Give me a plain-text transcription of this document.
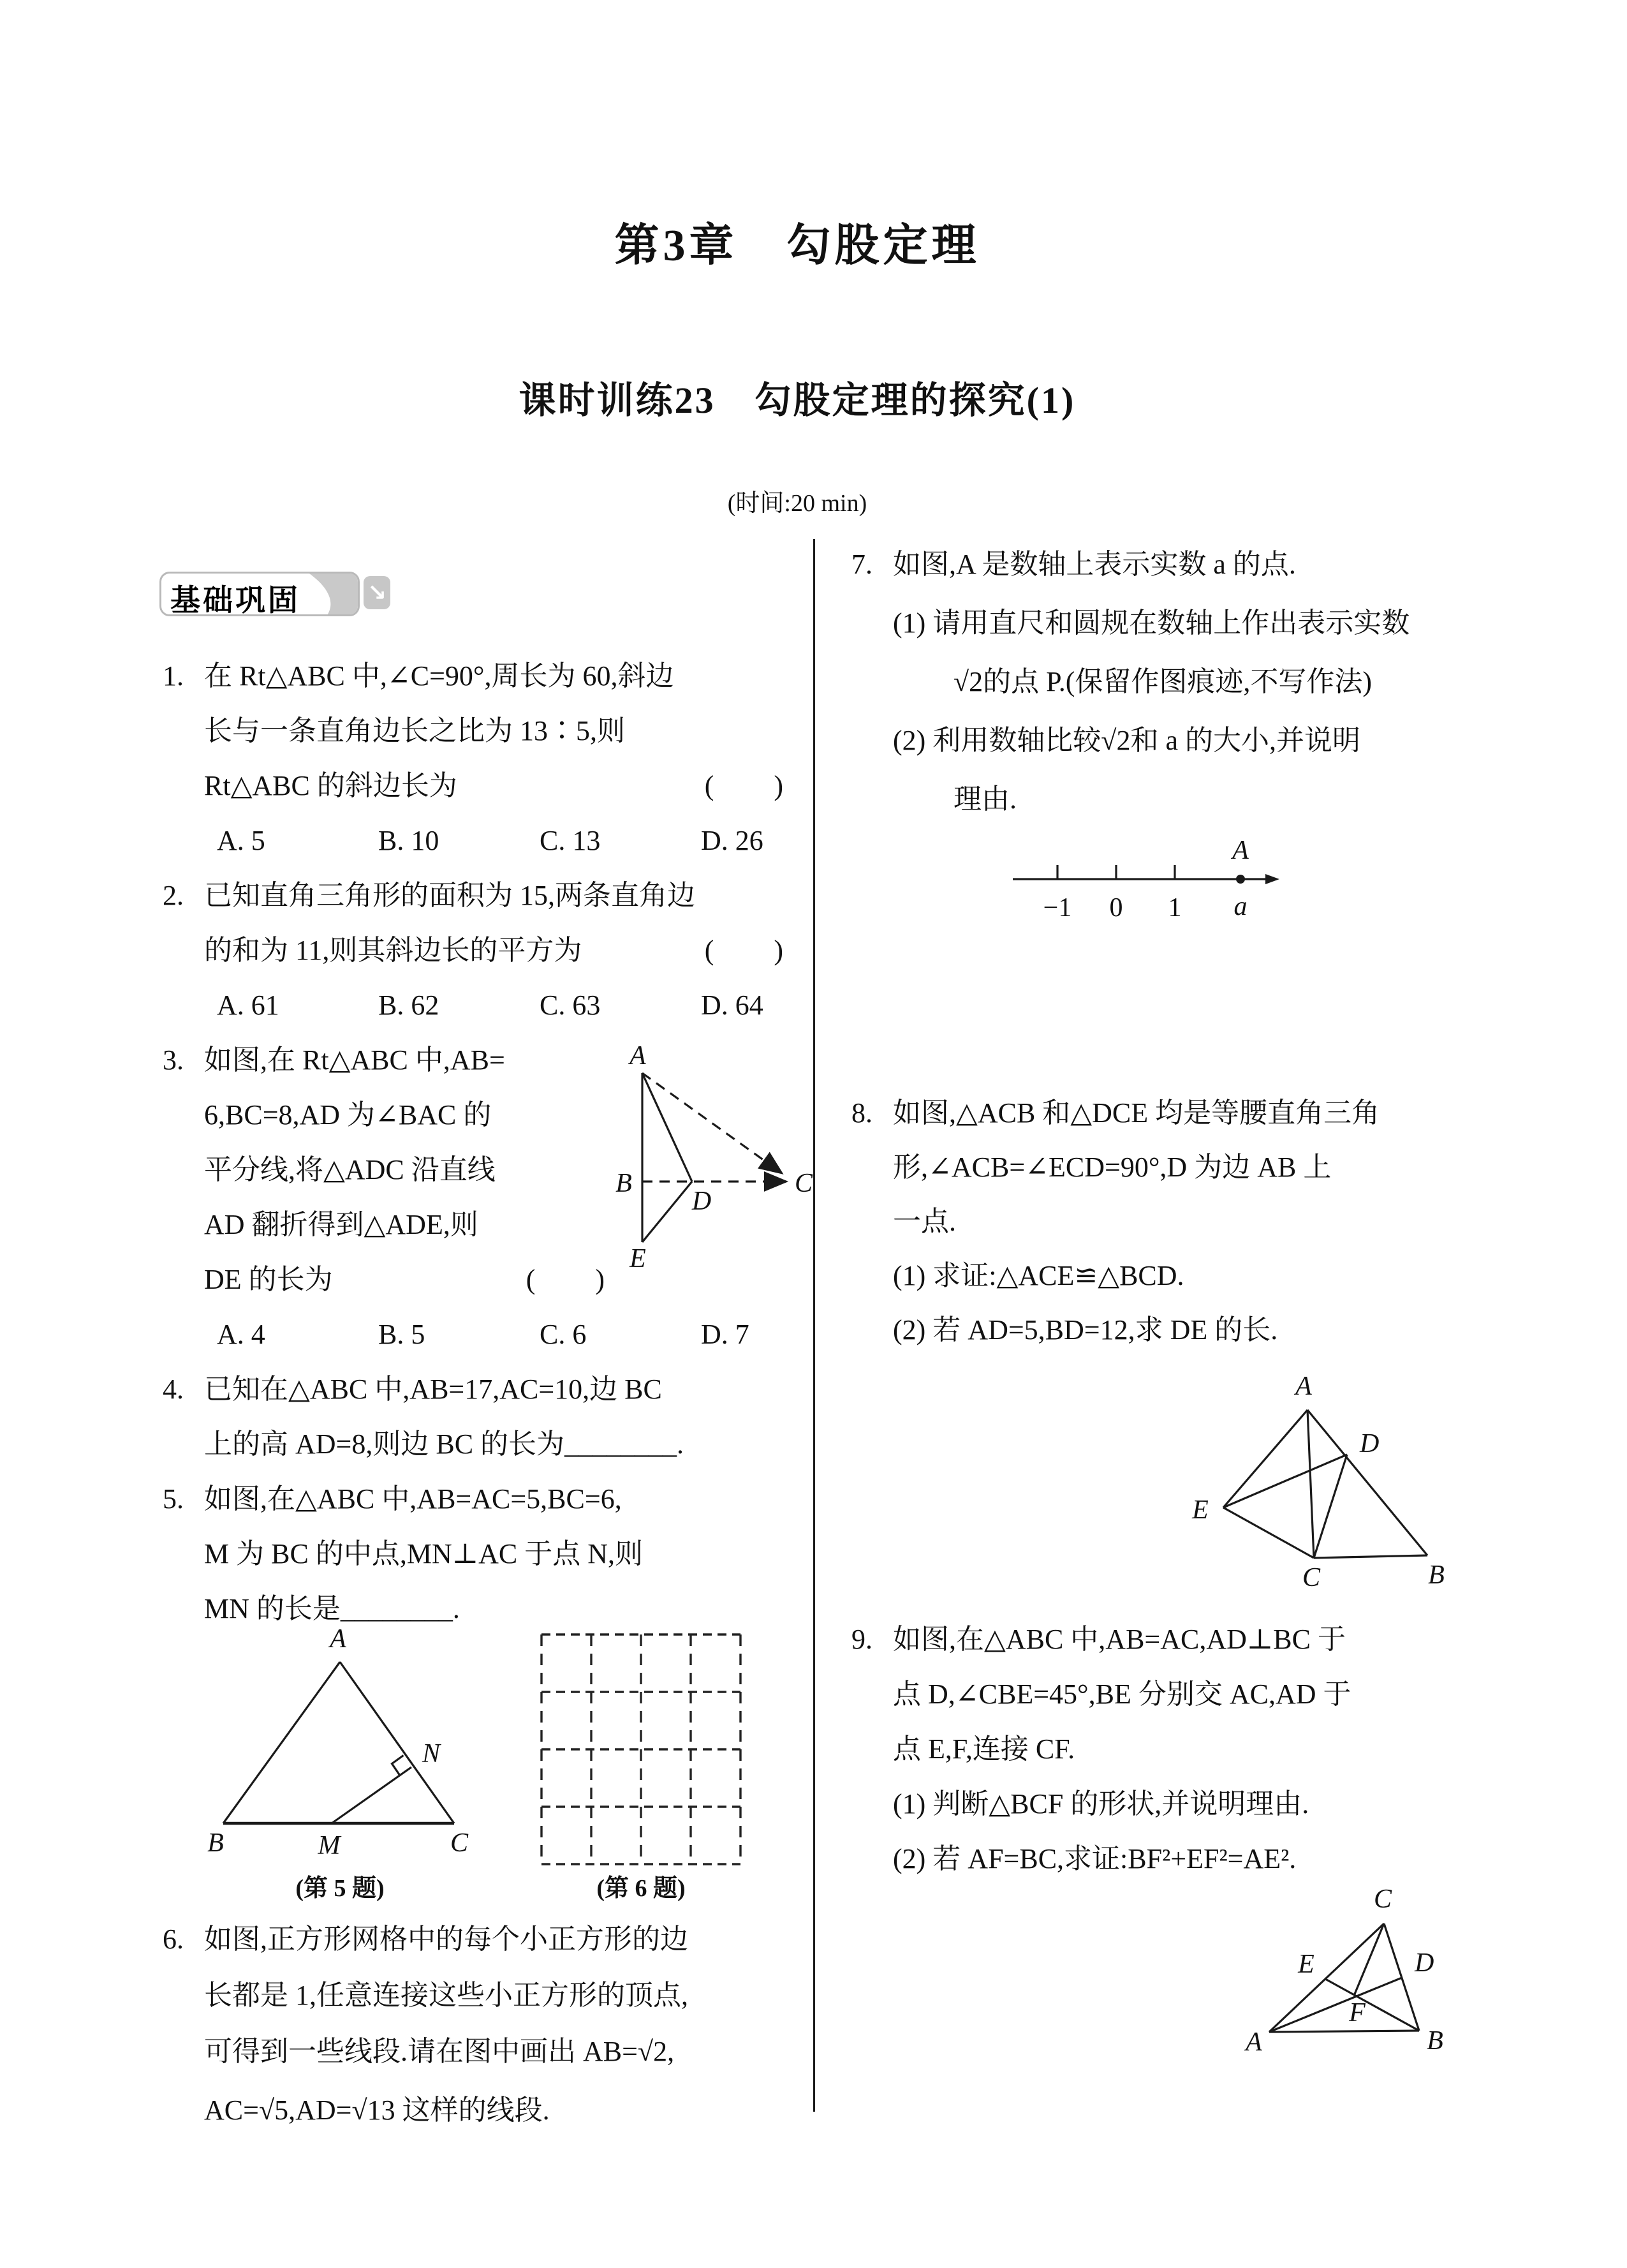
第3章　勾股定理
课时训练23　勾股定理的探究(1)
(时间:20 min)
基础巩固	↘
1. 在 Rt△ABC 中,∠C=90°,周长为 60,斜边
长与一条直角边长之比为 13∶5,则
Rt△ABC 的斜边长为	(　　)
A. 5	B. 10	C. 13	D. 26
2. 已知直角三角形的面积为 15,两条直角边
的和为 11,则其斜边长的平方为	(　　)
A. 61	B. 62	C. 63	D. 64
3. 如图,在 Rt△ABC 中,AB=
6,BC=8,AD 为∠BAC 的
平分线,将△ADC 沿直线
AD 翻折得到△ADE,则
DE 的长为	(　　)
A. 4	B. 5	C. 6	D. 7
A
B
D
C
E
4. 已知在△ABC 中,AB=17,AC=10,边 BC
上的高 AD=8,则边 BC 的长为________.
5. 如图,在△ABC 中,AB=AC=5,BC=6,
M 为 BC 的中点,MN⊥AC 于点 N,则
MN 的长是________.
A
B	M	C
N
(第 5 题)	(第 6 题)
6. 如图,正方形网格中的每个小正方形的边
长都是 1,任意连接这些小正方形的顶点,
可得到一些线段.请在图中画出 AB=√2,
AC=√5,AD=√13 这样的线段.
7. 如图,A 是数轴上表示实数 a 的点.
(1) 请用直尺和圆规在数轴上作出表示实数
√2的点 P.(保留作图痕迹,不写作法)
(2) 利用数轴比较√2和 a 的大小,并说明
理由.
−1 0 1
A
a
8. 如图,△ACB 和△DCE 均是等腰直角三角
形,∠ACB=∠ECD=90°,D 为边 AB 上
一点.
(1) 求证:△ACE≌△BCD.
(2) 若 AD=5,BD=12,求 DE 的长.
A
D
E
C	B
9. 如图,在△ABC 中,AB=AC,AD⊥BC 于
点 D,∠CBE=45°,BE 分别交 AC,AD 于
点 E,F,连接 CF.
(1) 判断△BCF 的形状,并说明理由.
(2) 若 AF=BC,求证:BF²+EF²=AE².
C
E	D
F
A	B
